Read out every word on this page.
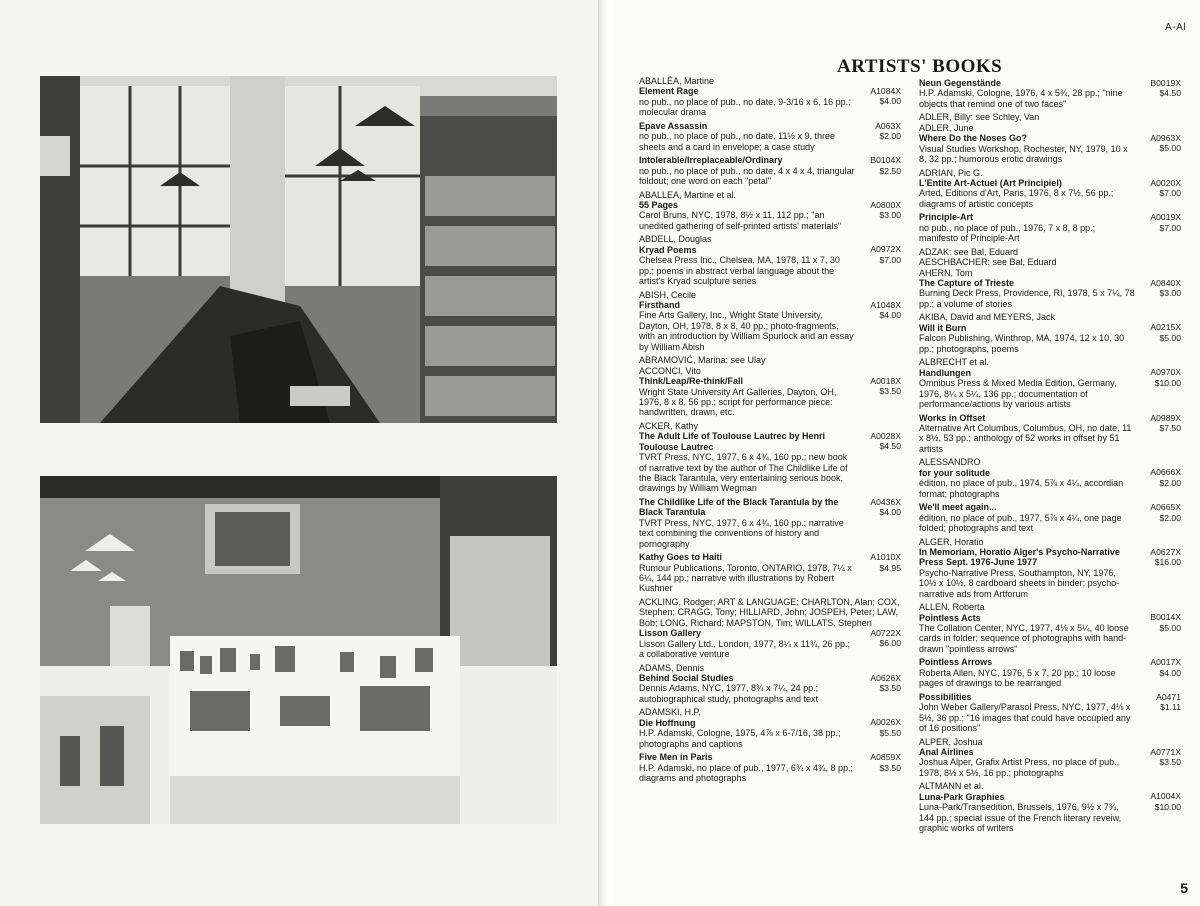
A-Al
ARTISTS' BOOKS
ABALLÉA, Martine
Element Rage	A1084X
$4.00
no pub., no place of pub., no date, 9-3/16 x 6, 16 pp.; molecular drama
Epave Assassin	A063X
$2.00
no pub., no place of pub., no date, 11½ x 9, three sheets and a card in envelope; a case study
Intolerable/Irreplaceable/Ordinary	B0104X
$2.50
no pub., no place of pub., no date, 4 x 4 x 4, triangular foldout; one word on each "petal"
ABALLEA, Martine et al.
55 Pages	A0800X
$3.00
Carol Bruns, NYC, 1978, 8½ x 11, 112 pp.; "an unedited gathering of self-printed artists' materials"
ABDELL, Douglas
Kryad Poems	A0972X
$7.00
Chelsea Press Inc., Chelsea, MA, 1978, 11 x 7, 30 pp.; poems in abstract verbal language about the artist's Kryad sculpture series
ABISH, Cecile
Firsthand	A1048X
$4.00
Fine Arts Gallery, Inc., Wright State University, Dayton, OH, 1978, 8 x 8, 40 pp.; photo-fragments, with an introduction by William Spurlock and an essay by William Abish
ABRAMOVIĆ, Marina: see Ulay
ACCONCI, Vito
Think/Leap/Re-think/Fall	A0018X
$3.50
Wright State University Art Galleries, Dayton, OH, 1976, 8 x 8, 56 pp.; script for performance piece: handwritten, drawn, etc.
ACKER, Kathy
The Adult Life of Toulouse Lautrec by Henri Toulouse Lautrec
A0028X
$4.50
TVRT Press, NYC, 1977, 6 x 4¾, 160 pp.; new book of narrative text by the author of The Childlike Life of the Black Tarantula, very entertaining serious book, drawings by William Wegman
The Childlike Life of the Black Tarantula by the Black Tarantula
A0436X
$4.00
TVRT Press, NYC, 1977, 6 x 4¾, 160 pp.; narrative text combining the conventions of history and pornography
Kathy Goes to Haiti	A1010X
$4.95
Rumour Publications, Toronto, ONTARIO, 1978, 7¼ x 6¼, 144 pp.; narrative with illustrations by Robert Kushner
ACKLING, Rodger; ART & LANGUAGE; CHARLTON, Alan; COX, Stephen; CRAGG, Tony; HILLIARD, John; JOSPEH, Peter; LAW, Bob; LONG, Richard; MAPSTON, Tim; WILLATS, Stephen
Lisson Gallery	A0722X
$6.00
Lisson Gallery Ltd., London, 1977, 8¼ x 11¾, 26 pp.; a collaborative venture
ADAMS, Dennis
Behind Social Studies	A0626X
$3.50
Dennis Adams, NYC, 1977, 8¾ x 7¼, 24 pp.; autobiographical study, photographs and text
ADAMSKI, H.P.
Die Hoffnung	A0026X
$5.50
H.P. Adamski, Cologne, 1975, 4⅞ x 6-7/16, 38 pp.; photographs and captions
Five Men in Paris	A0859X
$3.50
H.P. Adamski, no place of pub., 1977, 6¾ x 4¾, 8 pp.; diagrams and photographs
Neun Gegenstände	B0019X
$4.50
H.P. Adamski, Cologne, 1976, 4 x 5¾, 28 pp.; "nine objects that remind one of two faces"
ADLER, Billy: see Schley, Van
ADLER, June
Where Do the Noses Go?	A0963X
$5.00
Visual Studies Workshop, Rochester, NY, 1979, 10 x 8, 32 pp.; humorous erotic drawings
ADRIAN, Pic G.
L'Entite Art-Actuel (Art Principiel)	A0020X
$7.00
Arted, Editions d'Art, Paris, 1976, 8 x 7½, 56 pp.; diagrams of artistic concepts
Principle-Art	A0019X
$7.00
no pub., no place of pub., 1976, 7 x 8, 8 pp.; manifesto of Principle-Art
ADZAK: see Bal, Eduard
AESCHBACHER: see Bal, Eduard
AHERN, Tom
The Capture of Trieste	A0840X
$3.00
Burning Deck Press, Providence, RI, 1978, 5 x 7¼, 78 pp.; a volume of stories
AKIBA, David and MEYERS, Jack
Will it Burn	A0215X
$5.00
Falcon Publishing, Winthrop, MA, 1974, 12 x 10, 30 pp.; photographs, poems
ALBRECHT et al.
Handlungen	A0970X
$10.00
Omnibus Press & Mixed Media Edition, Germany, 1976, 8¼ x 5¼, 136 pp.; documentation of performance/actions by various artists
Works in Offset	A0989X
$7.50
Alternative Art Columbus, Columbus, OH, no date, 11 x 8½, 53 pp.; anthology of 52 works in offset by 51 artists
ALESSANDRO
for your solitude	A0666X
$2.00
édition, no place of pub., 1974, 5⅞ x 4¼, accordian format; photographs
We'll meet again...	A0665X
$2.00
édition, no place of pub., 1977, 5⅞ x 4¼, one page folded; photographs and text
ALGER, Horatio
In Memoriam, Horatio Alger's Psycho-Narrative Press Sept. 1976-June 1977
A0627X
$16.00
Psycho-Narrative Press, Southampton, NY, 1976, 10½ x 10½, 8 cardboard sheets in binder; psycho-narrative ads from Artforum
ALLEN, Roberta
Pointless Acts	B0014X
$5.00
The Collation Center, NYC, 1977, 4⅛ x 5¼, 40 loose cards in folder; sequence of photographs with hand-drawn "pointless arrows"
Pointless Arrows	A0017X
$4.00
Roberta Allen, NYC, 1976, 5 x 7, 20 pp.; 10 loose pages of drawings to be rearranged
Possibilities	A0471
$1.11
John Weber Gallery/Parasol Press, NYC, 1977, 4⅛ x 5½, 36 pp.; "16 images that could have occupied any of 16 positions"
ALPER, Joshua
Anal Airlines	A0771X
$3.50
Joshua Alper, Grafix Artist Press, no place of pub., 1978, 8½ x 5½, 16 pp.; photographs
ALTMANN et al.
Luna-Park Graphies	A1004X
$10.00
Luna-Park/Transedition, Brussels, 1976, 9½ x 7¾, 144 pp.; special issue of the French literary reveiw, graphic works of writers
5
